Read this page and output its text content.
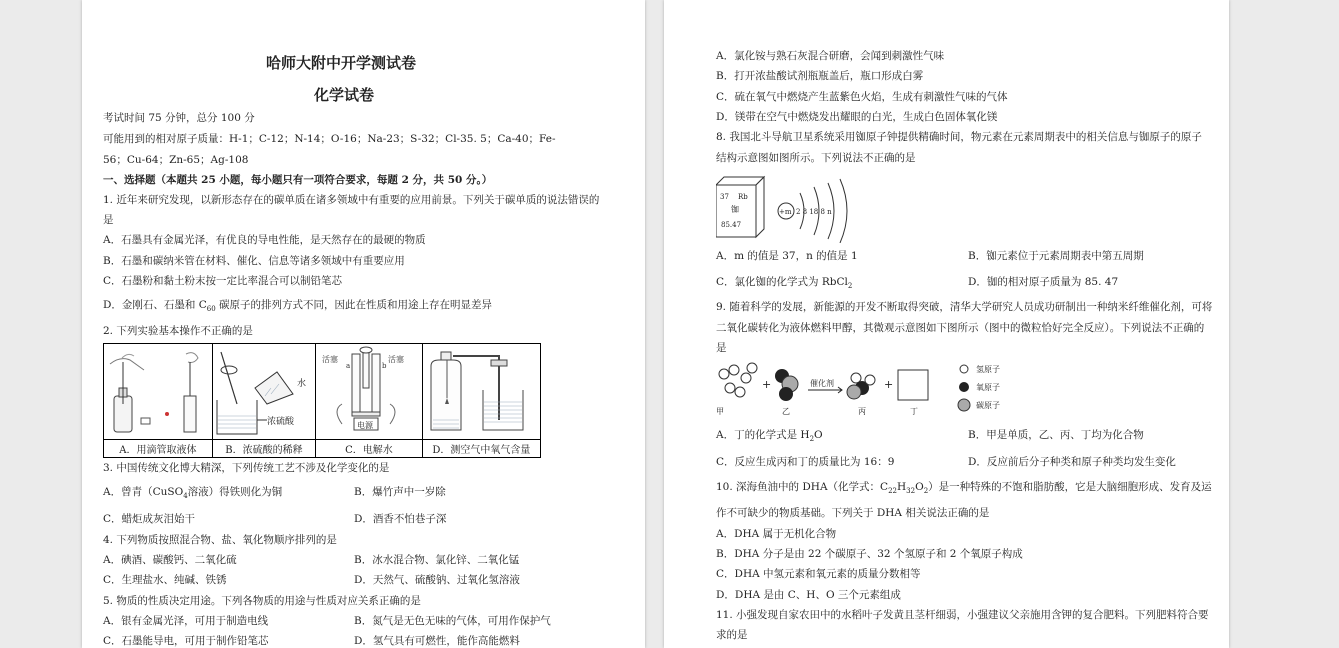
哈师大附中开学测试卷
化学试卷
考试时间 75 分钟，总分 100 分
可能用到的相对原子质量：H-1；C-12；N-14；O-16；Na-23；S-32；Cl-35. 5；Ca-40；Fe-
56；Cu-64；Zn-65；Ag-108
一、选择题（本题共 25 小题，每小题只有一项符合要求，每题 2 分，共 50 分。）
1. 近年来研究发现，以新形态存在的碳单质在诸多领域中有重要的应用前景。下列关于碳单质的说法错误的
是
A．石墨具有金属光泽，有优良的导电性能，是天然存在的最硬的物质
B．石墨和碳纳米管在材料、催化、信息等诸多领域中有重要应用
C．石墨粉和黏土粉末按一定比率混合可以制铅笔芯
D．金刚石、石墨和 $C_{60}$ 碳原子的排列方式不同，因此在性质和用途上存在明显差异
2. 下列实验基本操作不正确的是

水
浓硫酸	活塞 活塞
a b
电源

A．用滴管取液体	B．浓硫酸的稀释	C．电解水	D．测空气中氧气含量
3. 中国传统文化博大精深，下列传统工艺不涉及化学变化的是
A．曾青（CuSO$_4$溶液）得铁则化为铜	B．爆竹声中一岁除
C．蜡炬成灰泪始干	D．酒香不怕巷子深
4. 下列物质按照混合物、盐、氧化物顺序排列的是
A．碘酒、碳酸钙、二氧化硫	B．冰水混合物、氯化锌、二氧化锰
C．生理盐水、纯碱、铁锈	D．天然气、硫酸钠、过氧化氢溶液
5. 物质的性质决定用途。下列各物质的用途与性质对应关系正确的是
A．银有金属光泽，可用于制造电线	B．氮气是无色无味的气体，可用作保护气
C．石墨能导电，可用于制作铅笔芯	D．氢气具有可燃性，能作高能燃料
A．氯化铵与熟石灰混合研磨，会闻到刺激性气味
B．打开浓盐酸试剂瓶瓶盖后，瓶口形成白雾
C．硫在氧气中燃烧产生蓝紫色火焰，生成有刺激性气味的气体
D．镁带在空气中燃烧发出耀眼的白光，生成白色固体氧化镁
8. 我国北斗导航卫星系统采用铷原子钟提供精确时间，物元素在元素周期表中的相关信息与铷原子的原子
结构示意图如图所示。下列说法不正确的是
37 Rb
铷
85.47
+m 2 8 18 8 n
A．m 的值是 37，n 的值是 1	B．铷元素位于元素周期表中第五周期
C．氯化铷的化学式为 RbCl$_2$	D．铷的相对原子质量为 85. 47
9. 随着科学的发展，新能源的开发不断取得突破，清华大学研究人员成功研制出一种纳米纤维催化剂，可将
二氧化碳转化为液体燃料甲醇，其微观示意图如下图所示（图中的微粒恰好完全反应）。下列说法不正确的
是
+	催化剂	+
甲	乙	丙	丁
氢原子
氧原子
碳原子
A．丁的化学式是 $H_2O$	B．甲是单质，乙、丙、丁均为化合物
C．反应生成丙和丁的质量比为 16：9	D．反应前后分子种类和原子种类均发生变化
10. 深海鱼油中的 DHA（化学式：$C_{22}H_{32}O_2$）是一种特殊的不饱和脂肪酸，它是大脑细胞形成、发育及运
作不可缺少的物质基础。下列关于 DHA 相关说法正确的是
A．DHA 属于无机化合物
B．DHA 分子是由 22 个碳原子、32 个氢原子和 2 个氧原子构成
C．DHA 中氢元素和氧元素的质量分数相等
D．DHA 是由 C、H、O 三个元素组成
11. 小强发现自家农田中的水稻叶子发黄且茎杆细弱，小强建议父亲施用含钾的复合肥料。下列肥料符合要
求的是
